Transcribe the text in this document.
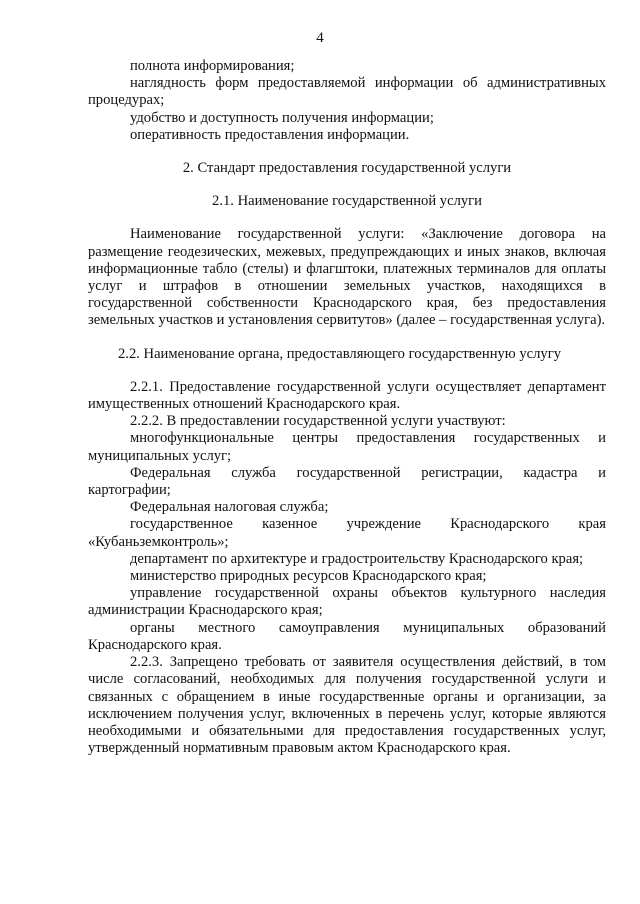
4

полнота информирования;

наглядность форм предоставляемой информации об административных процедурах;

удобство и доступность получения информации;

оперативность предоставления информации.

2. Стандарт предоставления государственной услуги

2.1. Наименование государственной услуги

Наименование государственной услуги: «Заключение договора на размещение геодезических, межевых, предупреждающих и иных знаков, включая информационные табло (стелы) и флагштоки, платежных терминалов для оплаты услуг и штрафов в отношении земельных участков, находящихся в государственной собственности Краснодарского края, без предоставления земельных участков и установления сервитутов» (далее – государственная услуга).

2.2. Наименование органа, предоставляющего государственную услугу

2.2.1. Предоставление государственной услуги осуществляет департамент имущественных отношений Краснодарского края.

2.2.2. В предоставлении государственной услуги участвуют:

многофункциональные центры предоставления государственных и муниципальных услуг;

Федеральная служба государственной регистрации, кадастра и картографии;

Федеральная налоговая служба;

государственное казенное учреждение Краснодарского края «Кубаньземконтроль»;

департамент по архитектуре и градостроительству Краснодарского края;

министерство природных ресурсов Краснодарского края;

управление государственной охраны объектов культурного наследия администрации Краснодарского края;

органы местного самоуправления муниципальных образований Краснодарского края.

2.2.3. Запрещено требовать от заявителя осуществления действий, в том числе согласований, необходимых для получения государственной услуги и связанных с обращением в иные государственные органы и организации, за исключением получения услуг, включенных в перечень услуг, которые являются необходимыми и обязательными для предоставления государственных услуг, утвержденный нормативным правовым актом Краснодарского края.
